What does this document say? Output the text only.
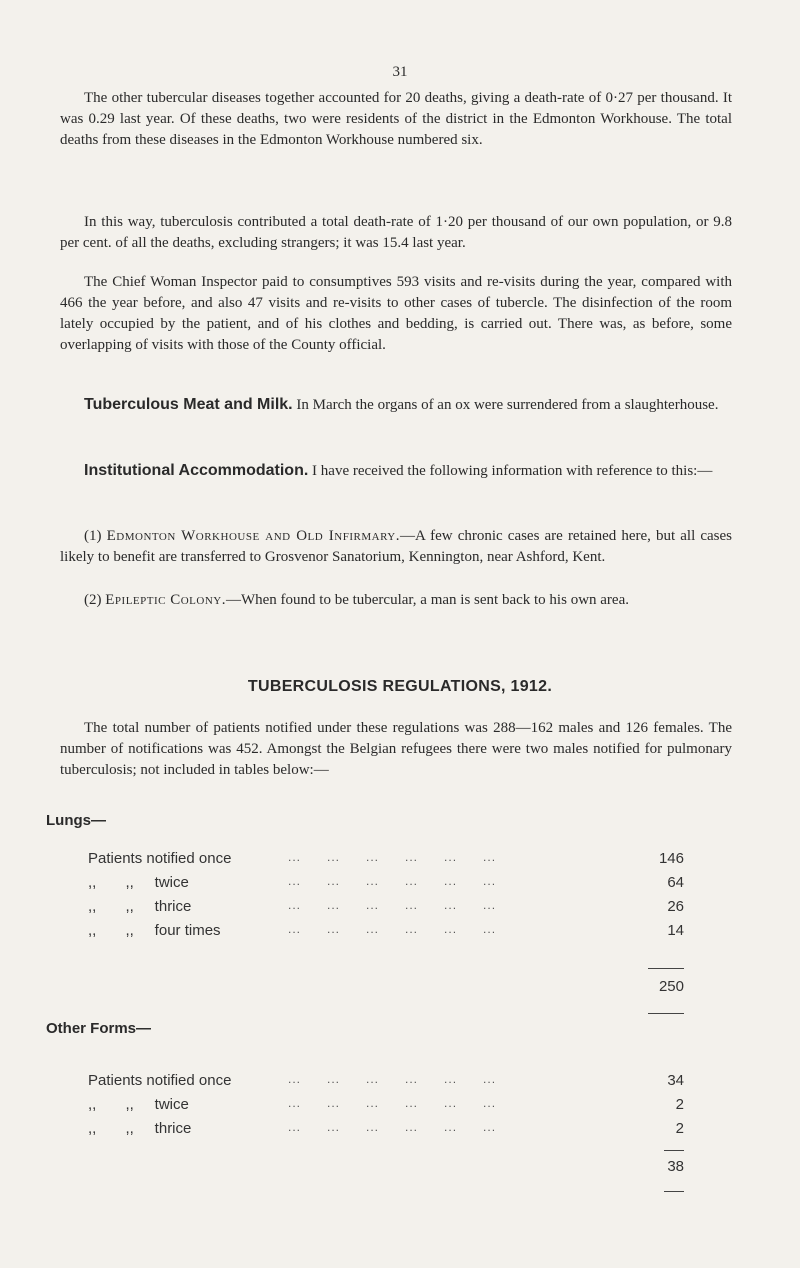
31

The other tubercular diseases together accounted for 20 deaths, giving a death-rate of 0·27 per thousand. It was 0.29 last year. Of these deaths, two were residents of the district in the Edmonton Workhouse. The total deaths from these diseases in the Edmonton Workhouse numbered six.

In this way, tuberculosis contributed a total death-rate of 1·20 per thousand of our own population, or 9.8 per cent. of all the deaths, excluding strangers; it was 15.4 last year.

The Chief Woman Inspector paid to consumptives 593 visits and re-visits during the year, compared with 466 the year before, and also 47 visits and re-visits to other cases of tubercle. The disinfection of the room lately occupied by the patient, and of his clothes and bedding, is carried out. There was, as before, some overlapping of visits with those of the County official.

Tuberculous Meat and Milk. In March the organs of an ox were surrendered from a slaughterhouse.

Institutional Accommodation. I have received the following information with reference to this:—

(1) Edmonton Workhouse and Old Infirmary.—A few chronic cases are retained here, but all cases likely to benefit are transferred to Grosvenor Sanatorium, Kennington, near Ashford, Kent.

(2) Epileptic Colony.—When found to be tubercular, a man is sent back to his own area.

TUBERCULOSIS REGULATIONS, 1912.

The total number of patients notified under these regulations was 288—162 males and 126 females. The number of notifications was 452. Amongst the Belgian refugees there were two males notified for pulmonary tuberculosis; not included in tables below:—

Lungs—
Patients notified once	...      ...      ...      ...      ...      ...	146
,,       ,,     twice	...      ...      ...      ...      ...      ...	64
,,       ,,     thrice	...      ...      ...      ...      ...      ...	26
,,       ,,     four times	...      ...      ...      ...      ...      ...	14
250
Other Forms—
Patients notified once	...      ...      ...      ...      ...      ...	34
,,       ,,     twice	...      ...      ...      ...      ...      ...	2
,,       ,,     thrice	...      ...      ...      ...      ...      ...	2
38
